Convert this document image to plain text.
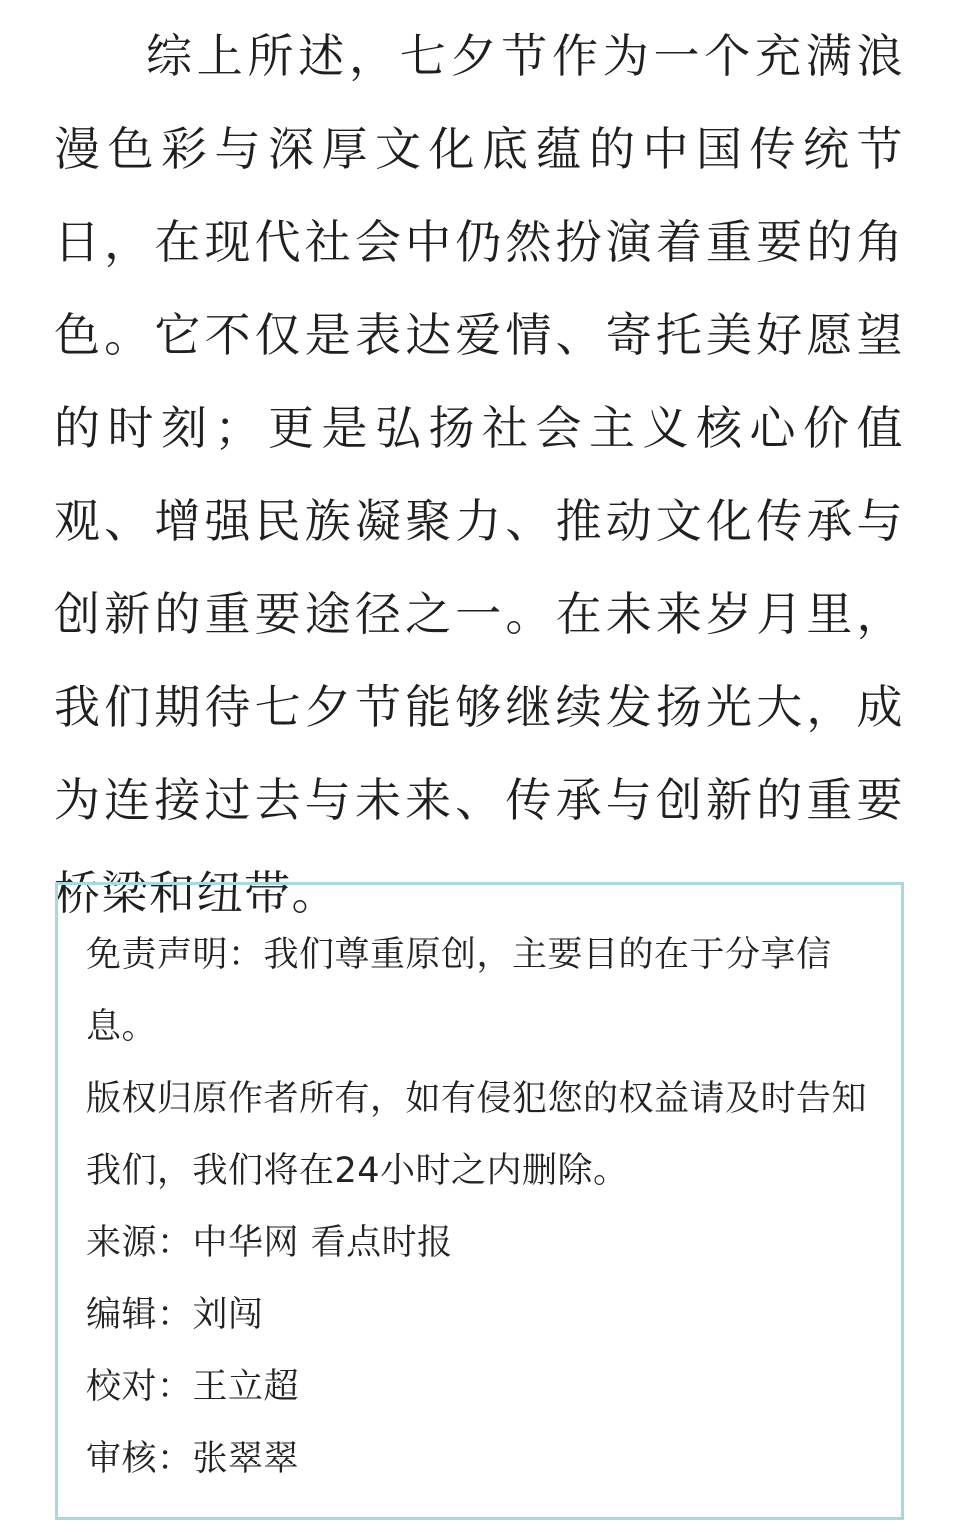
综上所述，七夕节作为一个充满浪漫色彩与深厚文化底蕴的中国传统节日，在现代社会中仍然扮演着重要的角色。它不仅是表达爱情、寄托美好愿望的时刻；更是弘扬社会主义核心价值观、增强民族凝聚力、推动文化传承与创新的重要途径之一。在未来岁月里，我们期待七夕节能够继续发扬光大，成为连接过去与未来、传承与创新的重要桥梁和纽带。

免责声明：我们尊重原创，主要目的在于分享信息。

版权归原作者所有，如有侵犯您的权益请及时告知我们，我们将在24小时之内删除。

来源：中华网 看点时报

编辑：刘闯

校对：王立超

审核：张翠翠
